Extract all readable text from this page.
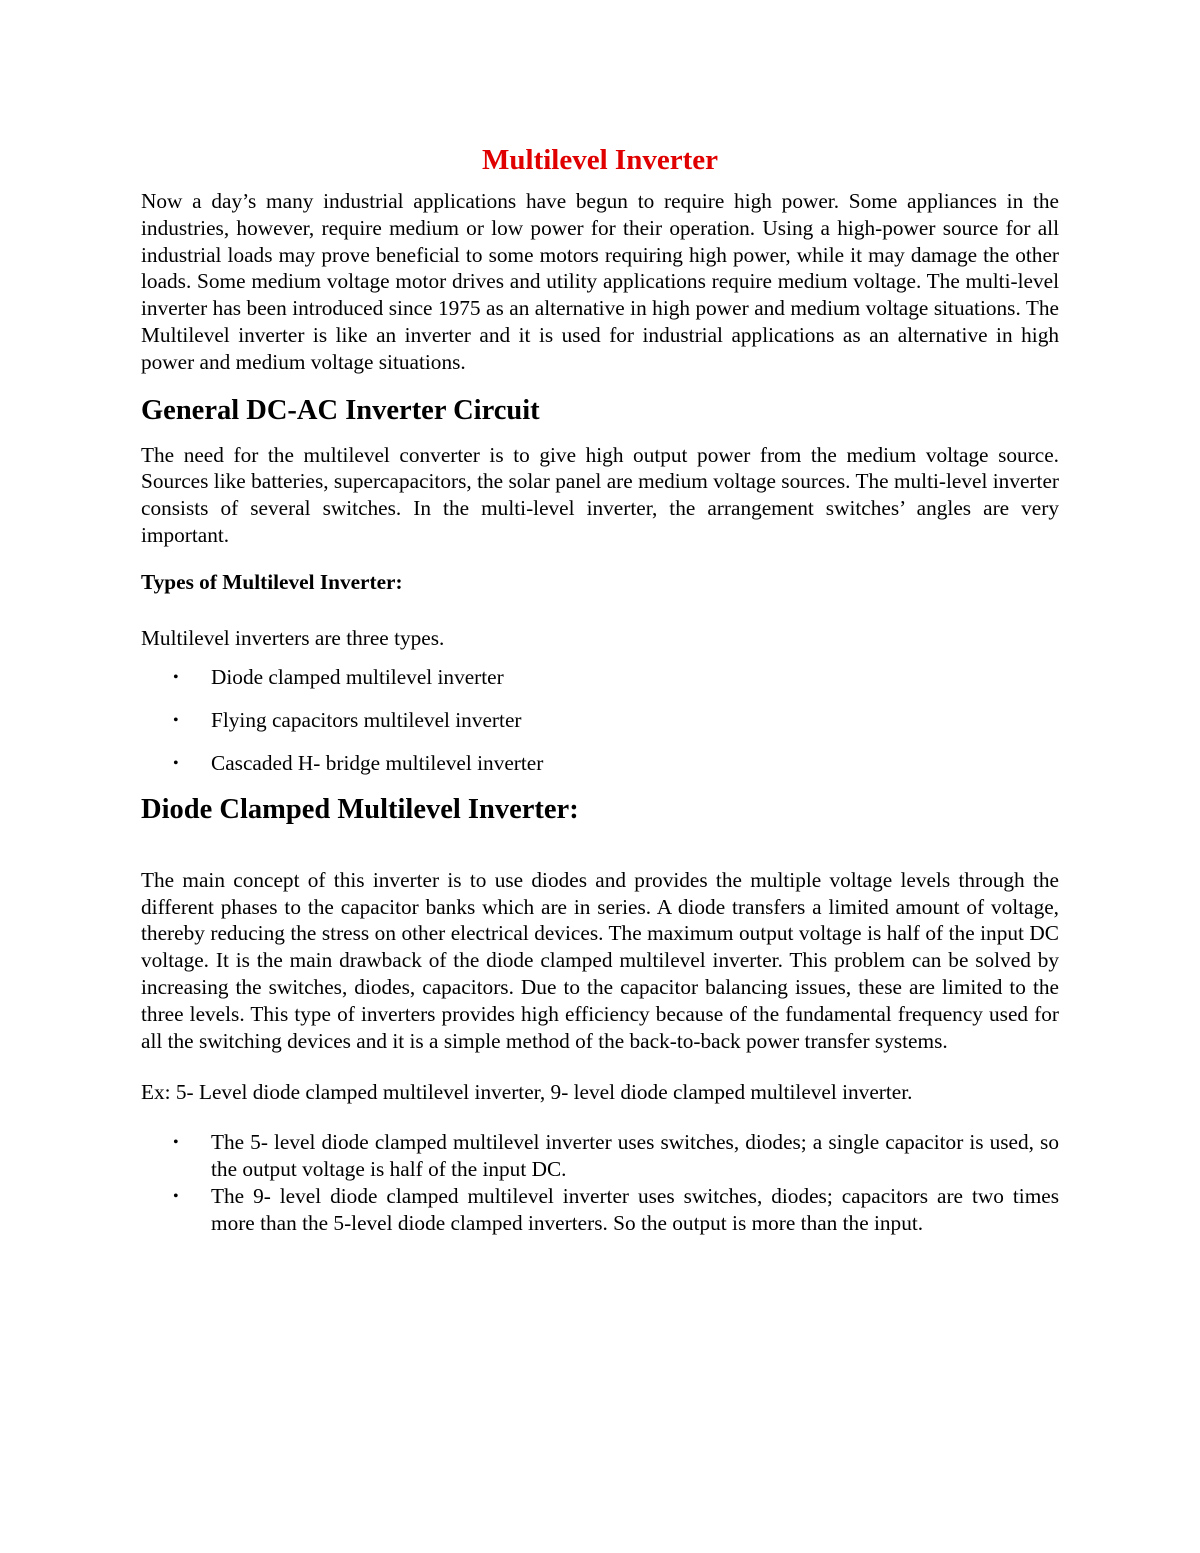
Multilevel Inverter

Now a day’s many industrial applications have begun to require high power. Some appliances in the industries, however, require medium or low power for their operation. Using a high-power source for all industrial loads may prove beneficial to some motors requiring high power, while it may damage the other loads. Some medium voltage motor drives and utility applications require medium voltage. The multi-level inverter has been introduced since 1975 as an alternative in high power and medium voltage situations. The Multilevel inverter is like an inverter and it is used for industrial applications as an alternative in high power and medium voltage situations.

General DC-AC Inverter Circuit

The need for the multilevel converter is to give high output power from the medium voltage source. Sources like batteries, supercapacitors, the solar panel are medium voltage sources. The multi-level inverter consists of several switches. In the multi-level inverter, the arrangement switches’ angles are very important.

Types of Multilevel Inverter:
Multilevel inverters are three types.
• Diode clamped multilevel inverter
• Flying capacitors multilevel inverter
• Cascaded H- bridge multilevel inverter
Diode Clamped Multilevel Inverter:

The main concept of this inverter is to use diodes and provides the multiple voltage levels through the different phases to the capacitor banks which are in series. A diode transfers a limited amount of voltage, thereby reducing the stress on other electrical devices. The maximum output voltage is half of the input DC voltage. It is the main drawback of the diode clamped multilevel inverter. This problem can be solved by increasing the switches, diodes, capacitors. Due to the capacitor balancing issues, these are limited to the three levels. This type of inverters provides high efficiency because of the fundamental frequency used for all the switching devices and it is a simple method of the back-to-back power transfer systems.

Ex: 5- Level diode clamped multilevel inverter, 9- level diode clamped multilevel inverter.
• The 5- level diode clamped multilevel inverter uses switches, diodes; a single capacitor is used, so the output voltage is half of the input DC.
• The 9- level diode clamped multilevel inverter uses switches, diodes; capacitors are two times more than the 5-level diode clamped inverters. So the output is more than the input.
